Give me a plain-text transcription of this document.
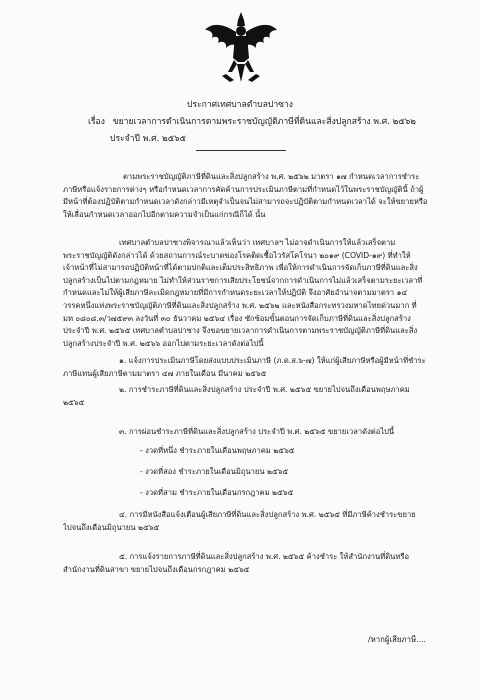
ประกาศเทศบาลตำบลปาซาง
เรื่อง ขยายเวลาการดำเนินการตามพระราชบัญญัติภาษีที่ดินและสิ่งปลูกสร้าง พ.ศ. ๒๕๖๒
ประจำปี พ.ศ. ๒๕๖๕
ตามพระราชบัญญัติภาษีที่ดินและสิ่งปลูกสร้าง พ.ศ. ๒๕๖๒ มาตรา ๑๗ กำหนดเวลาการชำระ
ภาษีหรือแจ้งรายการต่างๆ หรือกำหนดเวลาการคัดค้านการประเมินภาษีตามที่กำหนดไว้ในพระราชบัญญัตินี้ ถ้าผู้
มีหน้าที่ต้องปฏิบัติตามกำหนดเวลาดังกล่าวมีเหตุจำเป็นจนไม่สามารถจะปฏิบัติตามกำหนดเวลาได้ จะให้ขยายหรือ
ให้เลื่อนกำหนดเวลาออกไปอีกตามความจำเป็นแก่กรณีก็ได้ นั้น
เทศบาลตำบลปาซางพิจารณาแล้วเห็นว่า เทศบาลฯ ไม่อาจดำเนินการให้แล้วเสร็จตาม
พระราชบัญญัติดังกล่าวได้ ด้วยสถานการณ์ระบาดของโรคติดเชื้อไวรัสโคโรนา ๒๐๑๙ (COVID-๑๙) ที่ทำให้
เจ้าหน้าที่ไม่สามารถปฏิบัติหน้าที่ได้ตามปกติและเต็มประสิทธิภาพ เพื่อให้การดำเนินการจัดเก็บภาษีที่ดินและสิ่ง
ปลูกสร้างเป็นไปตามกฎหมาย ไม่ทำให้ส่วนราชการเสียประโยชน์จากการดำเนินการไม่แล้วเสร็จตามระยะเวลาที่
กำหนดและไม่ให้ผู้เสียภาษีละเมิดกฎหมายที่มีการกำหนดระยะเวลาให้ปฏิบัติ จึงอาศัยอำนาจตามมาตรา ๑๔
วรรคหนึ่งแห่งพระราชบัญญัติภาษีที่ดินและสิ่งปลูกสร้าง พ.ศ. ๒๕๖๒ และหนังสือกระทรวงมหาดไทยด่วนมาก ที่
มท ๐๘๐๘.๓/ว๗๕๙๓ ลงวันที่ ๓๐ ธันวาคม ๒๕๖๔ เรื่อง ซักซ้อมขั้นตอนการจัดเก็บภาษีที่ดินและสิ่งปลูกสร้าง
ประจำปี พ.ศ. ๒๕๖๕ เทศบาลตำบลปาซาง จึงขอขยายเวลาการดำเนินการตามพระราชบัญญัติภาษีที่ดินและสิ่ง
ปลูกสร้างประจำปี พ.ศ. ๒๕๖๖ ออกไปตามระยะเวลาดังต่อไปนี้
๑. แจ้งการประเมินภาษีโดยส่งแบบประเมินภาษี (ภ.ด.ส.๖-๗) ให้แก่ผู้เสียภาษีหรือผู้มีหน้าที่ชำระ
ภาษีแทนผู้เสียภาษีตามมาตรา ๔๗ ภายในเดือน มีนาคม ๒๕๖๕
๒. การชำระภาษีที่ดินและสิ่งปลูกสร้าง ประจำปี พ.ศ. ๒๕๖๕ ขยายไปจนถึงเดือนพฤษภาคม
๒๕๖๕
๓. การผ่อนชำระภาษีที่ดินและสิ่งปลูกสร้าง ประจำปี พ.ศ. ๒๕๖๕ ขยายเวลาดังต่อไปนี้
- งวดที่หนึ่ง ชำระภายในเดือนพฤษภาคม ๒๕๖๕
- งวดที่สอง ชำระภายในเดือนมิถุนายน ๒๕๖๕
- งวดที่สาม ชำระภายในเดือนกรกฎาคม ๒๕๖๕
๔. การมีหนังสือแจ้งเตือนผู้เสียภาษีที่ดินและสิ่งปลูกสร้าง พ.ศ. ๒๕๖๕ ที่มีภาษีค้างชำระขยาย
ไปจนถึงเดือนมิถุนายน ๒๕๖๕
๕. การแจ้งรายการภาษีที่ดินและสิ่งปลูกสร้าง พ.ศ. ๒๕๖๕ ค้างชำระ ให้สำนักงานที่ดินหรือ
สำนักงานที่ดินสาขา ขยายไปจนถึงเดือนกรกฎาคม ๒๕๖๕
/หากผู้เสียภาษี....
